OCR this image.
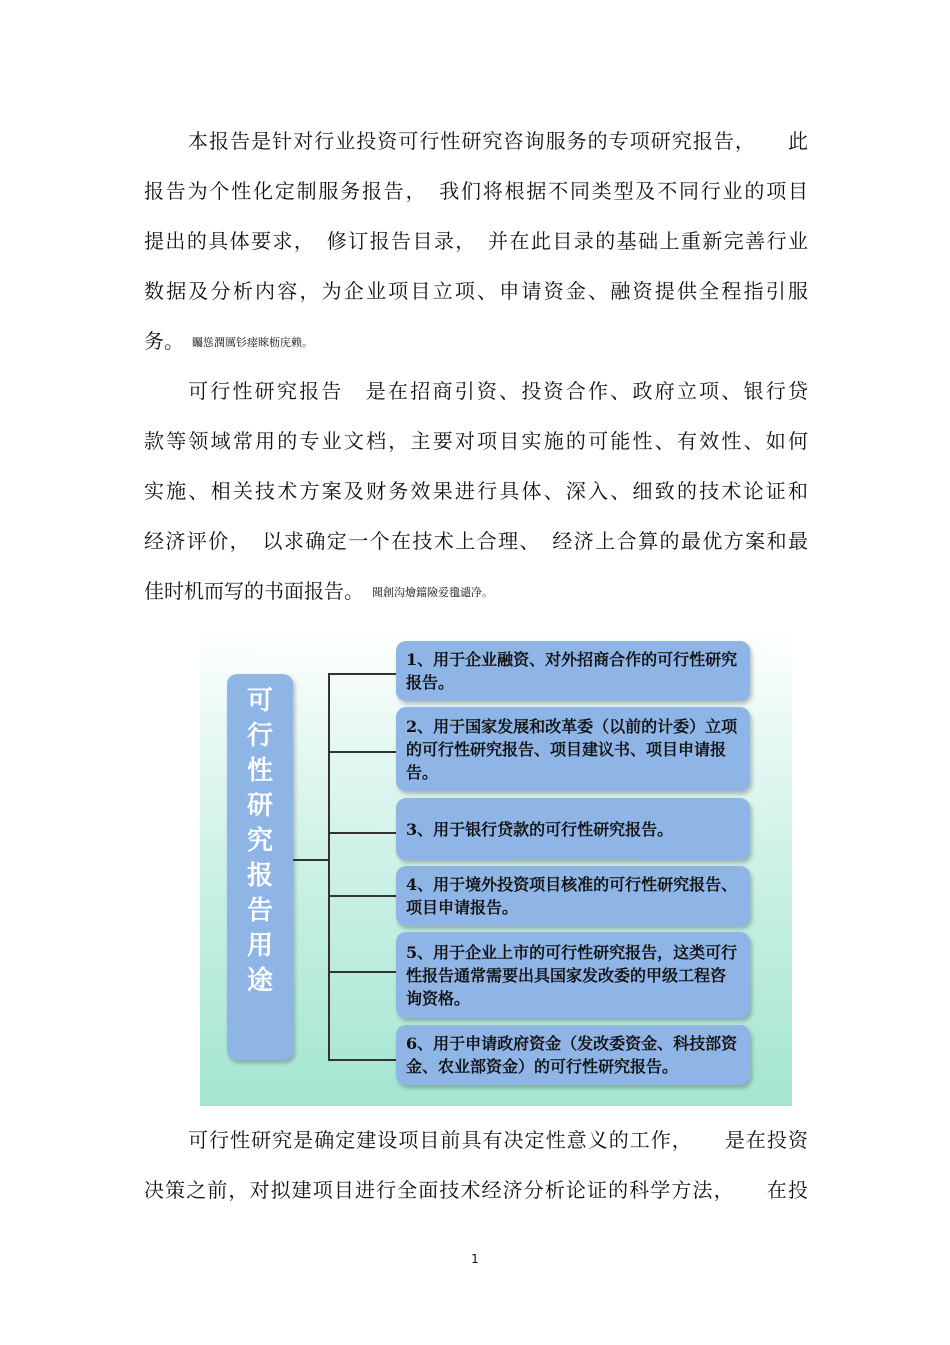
本报告是针对行业投资可行性研究咨询服务的专项研究报告，　　此
报告为个性化定制服务报告，　我们将根据不同类型及不同行业的项目
提出的具体要求，　修订报告目录，　并在此目录的基础上重新完善行业
数据及分析内容，为企业项目立项、申请资金、融资提供全程指引服
务。 矚慫潤厲钐瘗睞枥庑赖。
可行性研究报告　是在招商引资、投资合作、政府立项、银行贷
款等领域常用的专业文档，主要对项目实施的可能性、有效性、如何
实施、相关技术方案及财务效果进行具体、深入、细致的技术论证和
经济评价，　以求确定一个在技术上合理、　经济上合算的最优方案和最
佳时机而写的书面报告。 聞創沟燴鐺險爱氇谴净。
可行性研究报告用途
1、用于企业融资、对外招商合作的可行性研究报告。
2、用于国家发展和改革委（以前的计委）立项的可行性研究报告、项目建议书、项目申请报告。
3、用于银行贷款的可行性研究报告。
4、用于境外投资项目核准的可行性研究报告、项目申请报告。
5、用于企业上市的可行性研究报告，这类可行性报告通常需要出具国家发改委的甲级工程咨询资格。
6、用于申请政府资金（发改委资金、科技部资金、农业部资金）的可行性研究报告。
可行性研究是确定建设项目前具有决定性意义的工作，　　是在投资
决策之前，对拟建项目进行全面技术经济分析论证的科学方法，　　在投
1
